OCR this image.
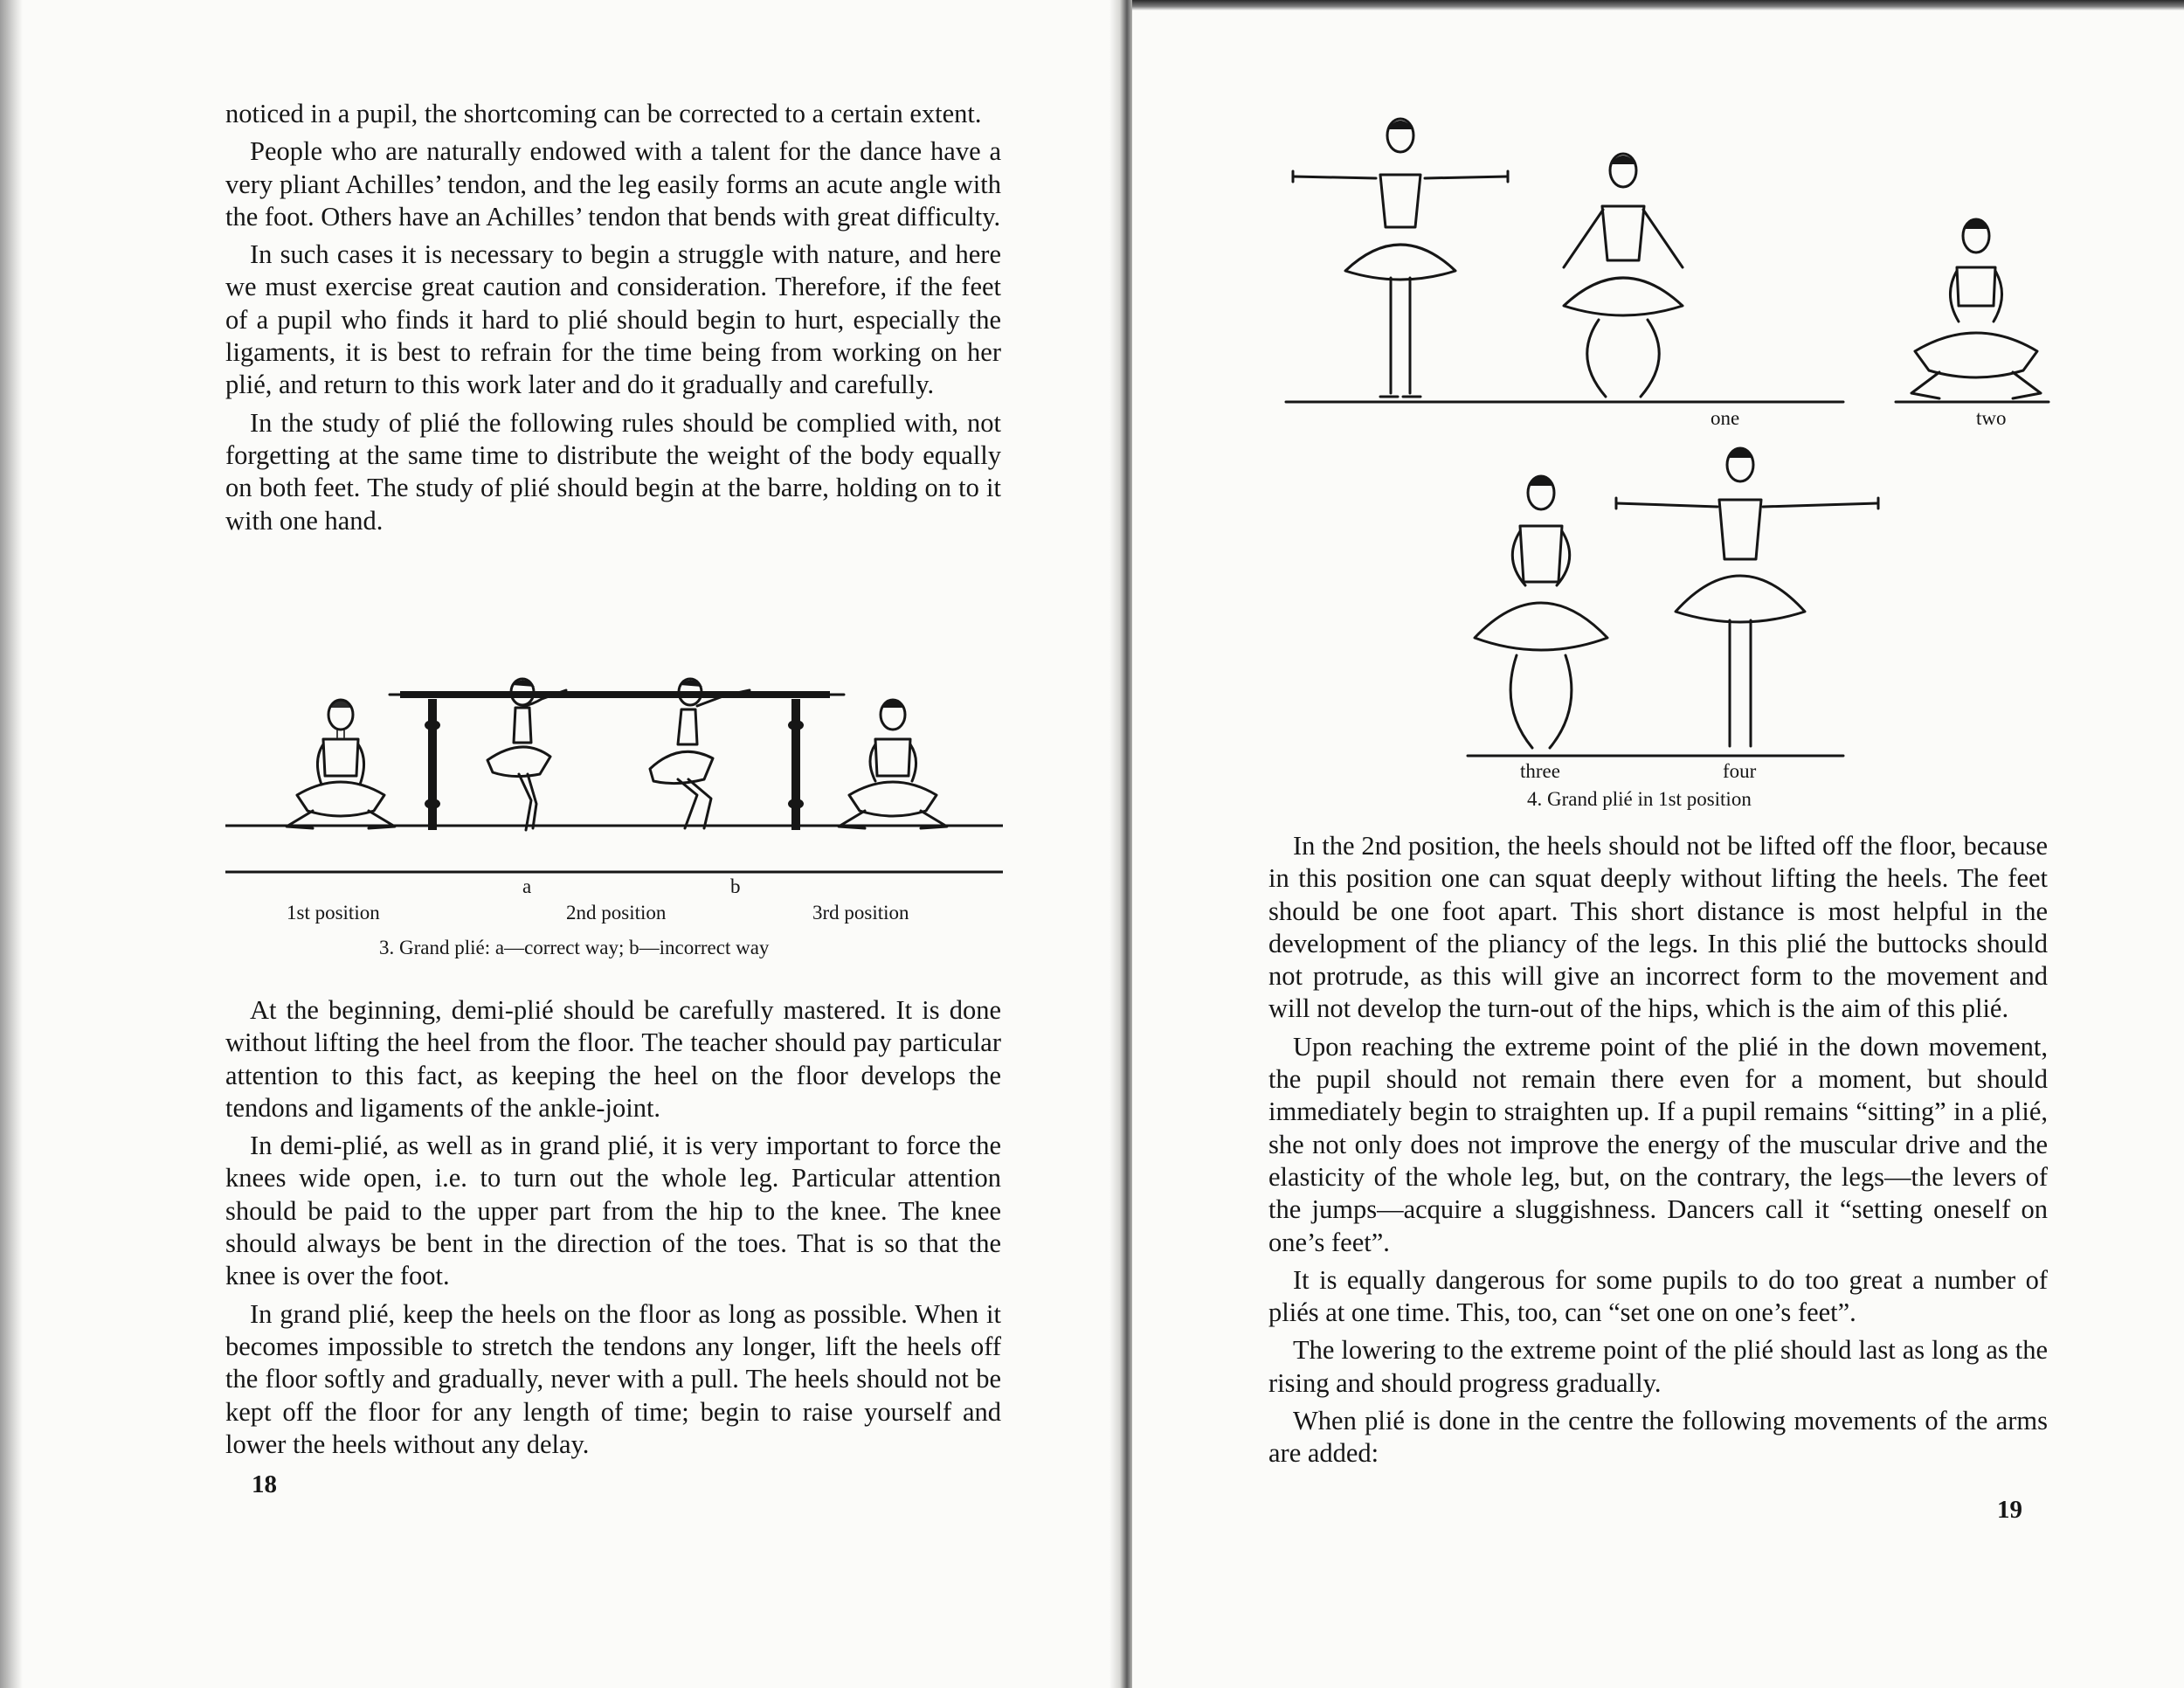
noticed in a pupil, the shortcoming can be corrected to a certain extent.

People who are naturally endowed with a talent for the dance have a very pliant Achilles’ tendon, and the leg easily forms an acute angle with the foot. Others have an Achilles’ tendon that bends with great difficulty.

In such cases it is necessary to begin a struggle with nature, and here we must exercise great caution and consideration. Therefore, if the feet of a pupil who finds it hard to plié should begin to hurt, especially the ligaments, it is best to refrain for the time being from working on her plié, and return to this work later and do it gradually and carefully.

In the study of plié the following rules should be complied with, not forgetting at the same time to distribute the weight of the body equally on both feet. The study of plié should begin at the barre, holding on to it with one hand.

a	b
1st position	2nd position	3rd position
3. Grand plié: a—correct way; b—incorrect way

At the beginning, demi-plié should be carefully mastered. It is done without lifting the heel from the floor. The teacher should pay particular attention to this fact, as keeping the heel on the floor develops the tendons and ligaments of the ankle-joint.

In demi-plié, as well as in grand plié, it is very important to force the knees wide open, i.e. to turn out the whole leg. Particular attention should be paid to the upper part from the hip to the knee. The knee should always be bent in the direction of the toes. That is so that the knee is over the foot.

In grand plié, keep the heels on the floor as long as possible. When it becomes impossible to stretch the tendons any longer, lift the heels off the floor softly and gradually, never with a pull. The heels should not be kept off the floor for any length of time; begin to raise yourself and lower the heels without any delay.

18
one	two
three	four
4. Grand plié in 1st position

In the 2nd position, the heels should not be lifted off the floor, because in this position one can squat deeply without lifting the heels. The feet should be one foot apart. This short distance is most helpful in the development of the pliancy of the legs. In this plié the buttocks should not protrude, as this will give an incorrect form to the movement and will not develop the turn-out of the hips, which is the aim of this plié.

Upon reaching the extreme point of the plié in the down movement, the pupil should not remain there even for a moment, but should immediately begin to straighten up. If a pupil remains “sitting” in a plié, she not only does not improve the energy of the muscular drive and the elasticity of the whole leg, but, on the contrary, the legs—the levers of the jumps—acquire a sluggishness. Dancers call it “setting oneself on one’s feet”.

It is equally dangerous for some pupils to do too great a number of pliés at one time. This, too, can “set one on one’s feet”.

The lowering to the extreme point of the plié should last as long as the rising and should progress gradually.

When plié is done in the centre the following movements of the arms are added:

19
